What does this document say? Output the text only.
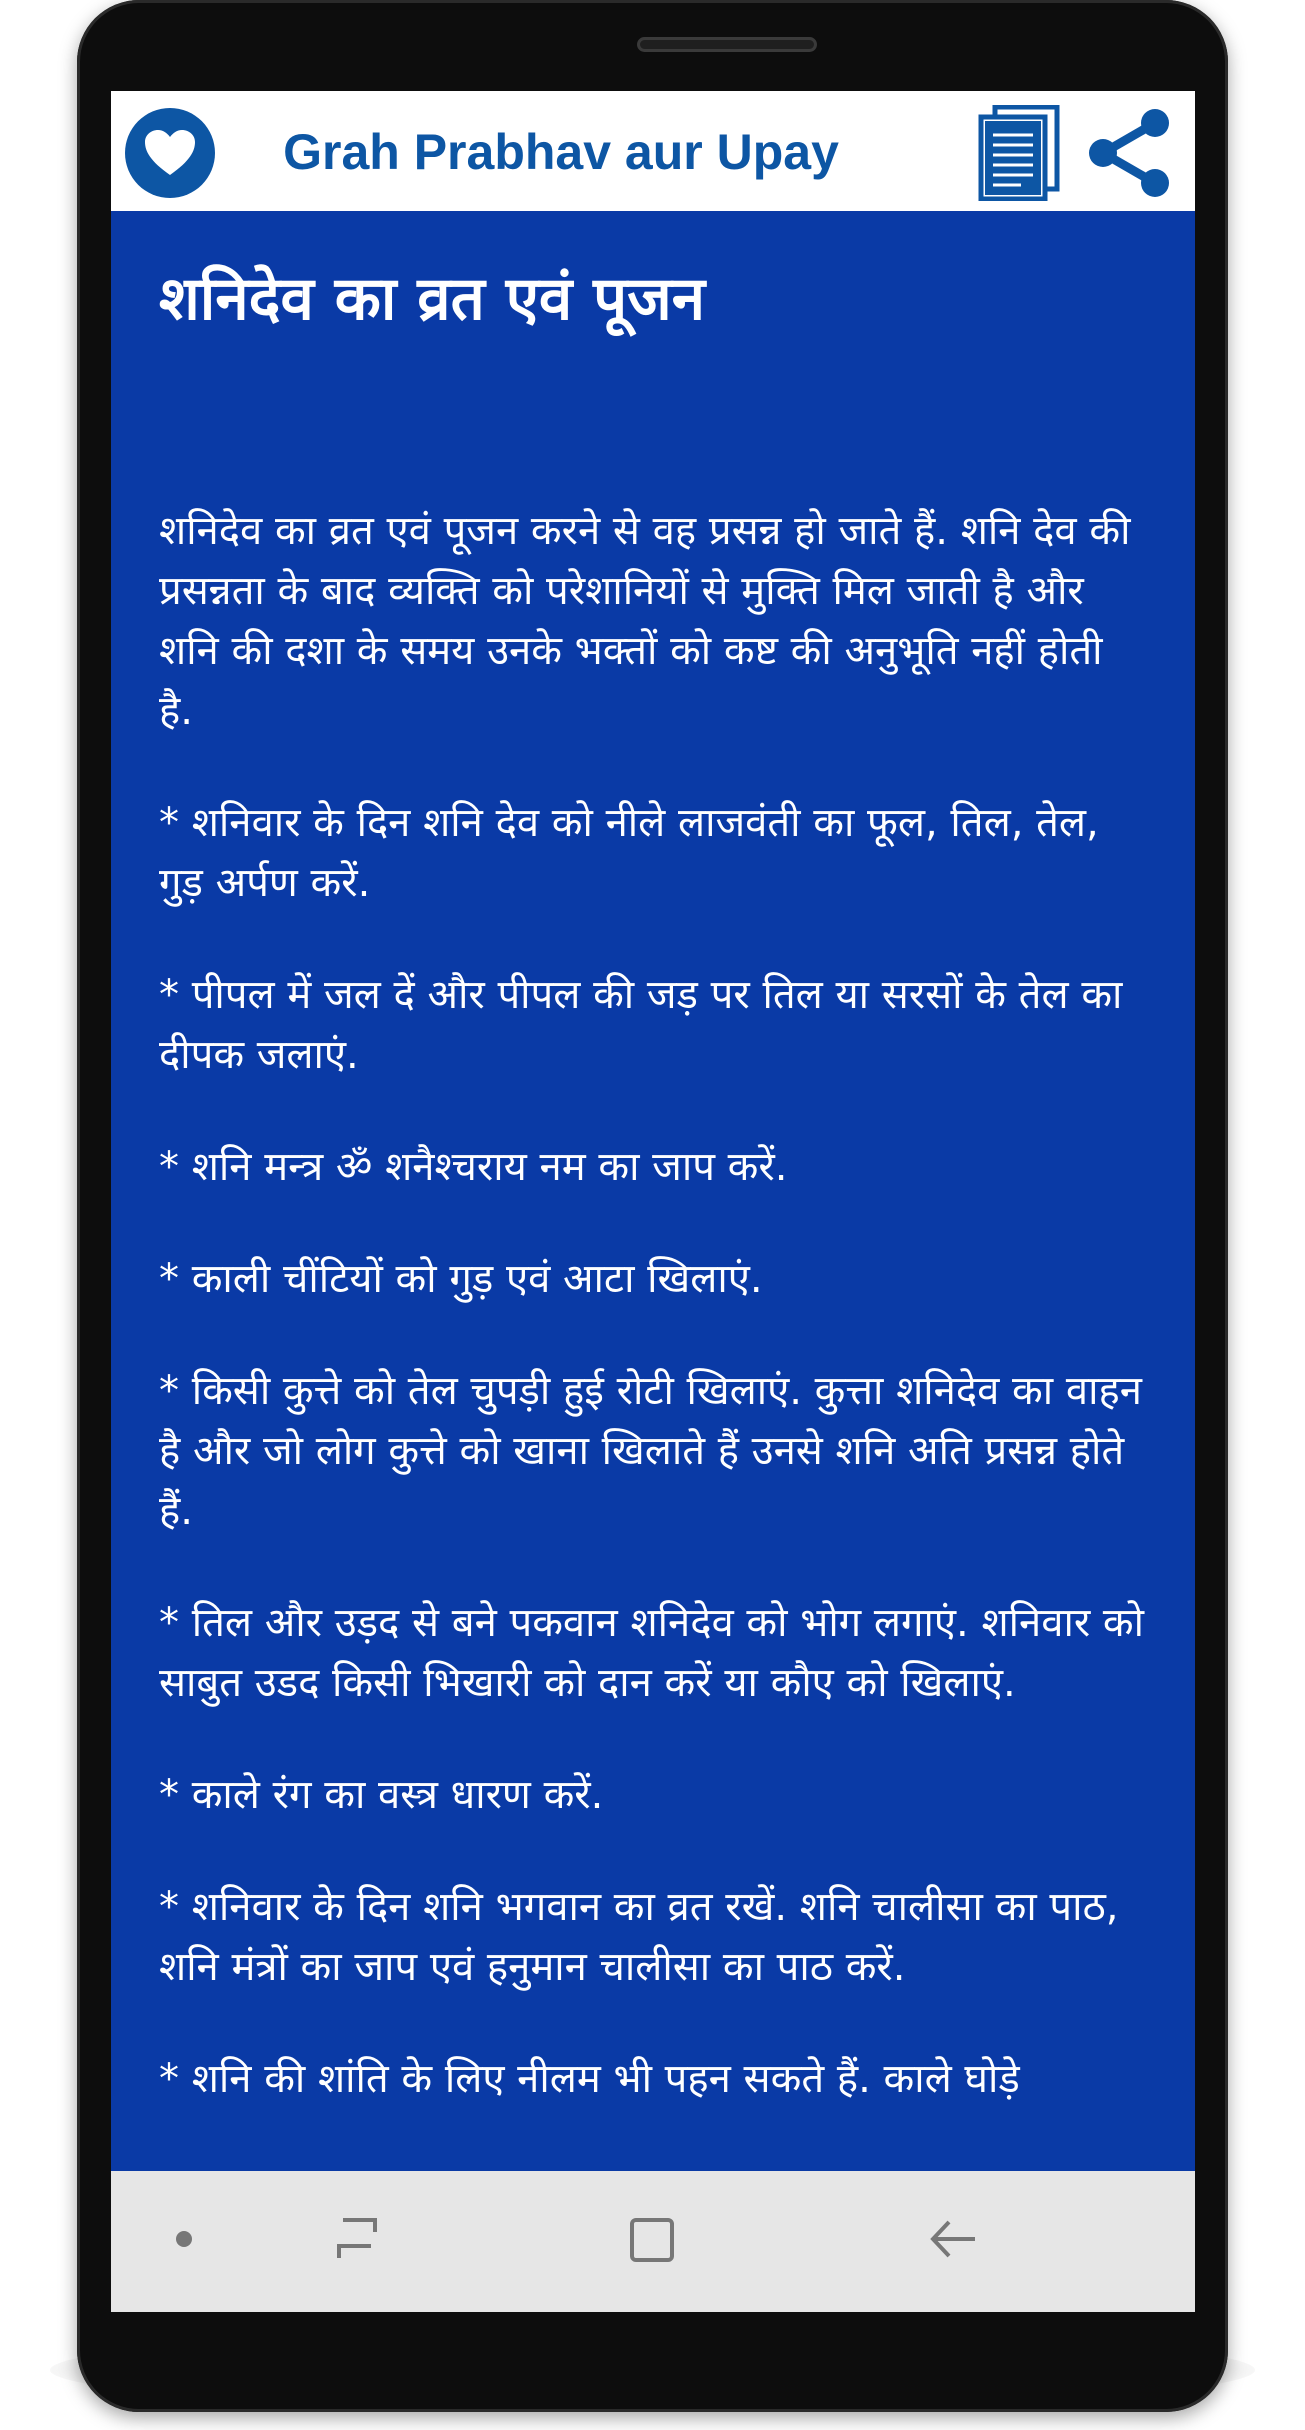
Grah Prabhav aur Upay
शनिदेव का व्रत एवं पूजन

शनिदेव का व्रत एवं पूजन करने से वह प्रसन्न हो जाते हैं. शनि देव की प्रसन्नता के बाद व्यक्ति को परेशानियों से मुक्ति मिल जाती है और शनि की दशा के समय उनके भक्तों को कष्ट की अनुभूति नहीं होती है.

* शनिवार के दिन शनि देव को नीले लाजवंती का फूल, तिल, तेल, गुड़ अर्पण करें.

* पीपल में जल दें और पीपल की जड़ पर तिल या सरसों के तेल का दीपक जलाएं.

* शनि मन्त्र ॐ शनैश्चराय नम का जाप करें.

* काली चींटियों को गुड़ एवं आटा खिलाएं.

* किसी कुत्ते को तेल चुपड़ी हुई रोटी खिलाएं. कुत्ता शनिदेव का वाहन है और जो लोग कुत्ते को खाना खिलाते हैं उनसे शनि अति प्रसन्न होते हैं.

* तिल और उड़द से बने पकवान शनिदेव को भोग लगाएं. शनिवार को साबुत उडद किसी भिखारी को दान करें या कौए को खिलाएं.

* काले रंग का वस्त्र धारण करें.

* शनिवार के दिन शनि भगवान का व्रत रखें. शनि चालीसा का पाठ, शनि मंत्रों का जाप एवं हनुमान चालीसा का पाठ करें.

* शनि की शांति के लिए नीलम भी पहन सकते हैं. काले घोड़े
